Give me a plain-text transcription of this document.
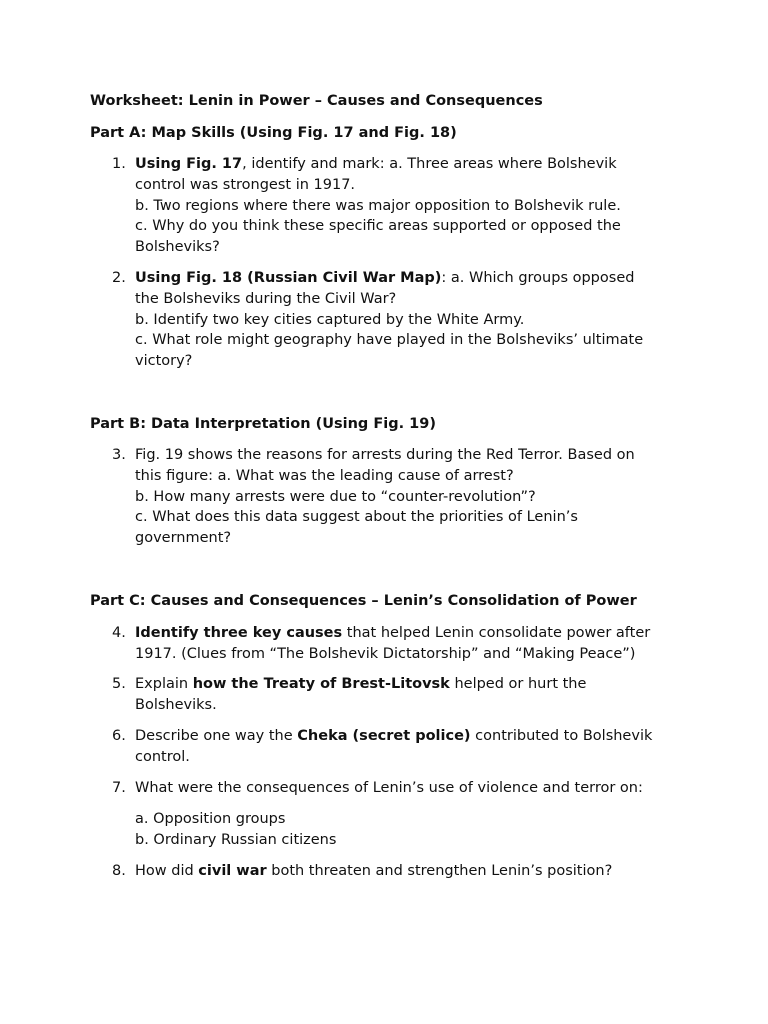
Worksheet: Lenin in Power – Causes and Consequences
Part A: Map Skills (Using Fig. 17 and Fig. 18)
1. Using Fig. 17, identify and mark: a. Three areas where Bolshevik
control was strongest in 1917.
b. Two regions where there was major opposition to Bolshevik rule.
c. Why do you think these specific areas supported or opposed the
Bolsheviks?
2. Using Fig. 18 (Russian Civil War Map): a. Which groups opposed
the Bolsheviks during the Civil War?
b. Identify two key cities captured by the White Army.
c. What role might geography have played in the Bolsheviks’ ultimate
victory?
Part B: Data Interpretation (Using Fig. 19)
3. Fig. 19 shows the reasons for arrests during the Red Terror. Based on
this figure: a. What was the leading cause of arrest?
b. How many arrests were due to “counter-revolution”?
c. What does this data suggest about the priorities of Lenin’s
government?
Part C: Causes and Consequences – Lenin’s Consolidation of Power
4. Identify three key causes that helped Lenin consolidate power after
1917. (Clues from “The Bolshevik Dictatorship” and “Making Peace”)
5. Explain how the Treaty of Brest-Litovsk helped or hurt the
Bolsheviks.
6. Describe one way the Cheka (secret police) contributed to Bolshevik
control.
7. What were the consequences of Lenin’s use of violence and terror on:
a. Opposition groups
b. Ordinary Russian citizens
8. How did civil war both threaten and strengthen Lenin’s position?
